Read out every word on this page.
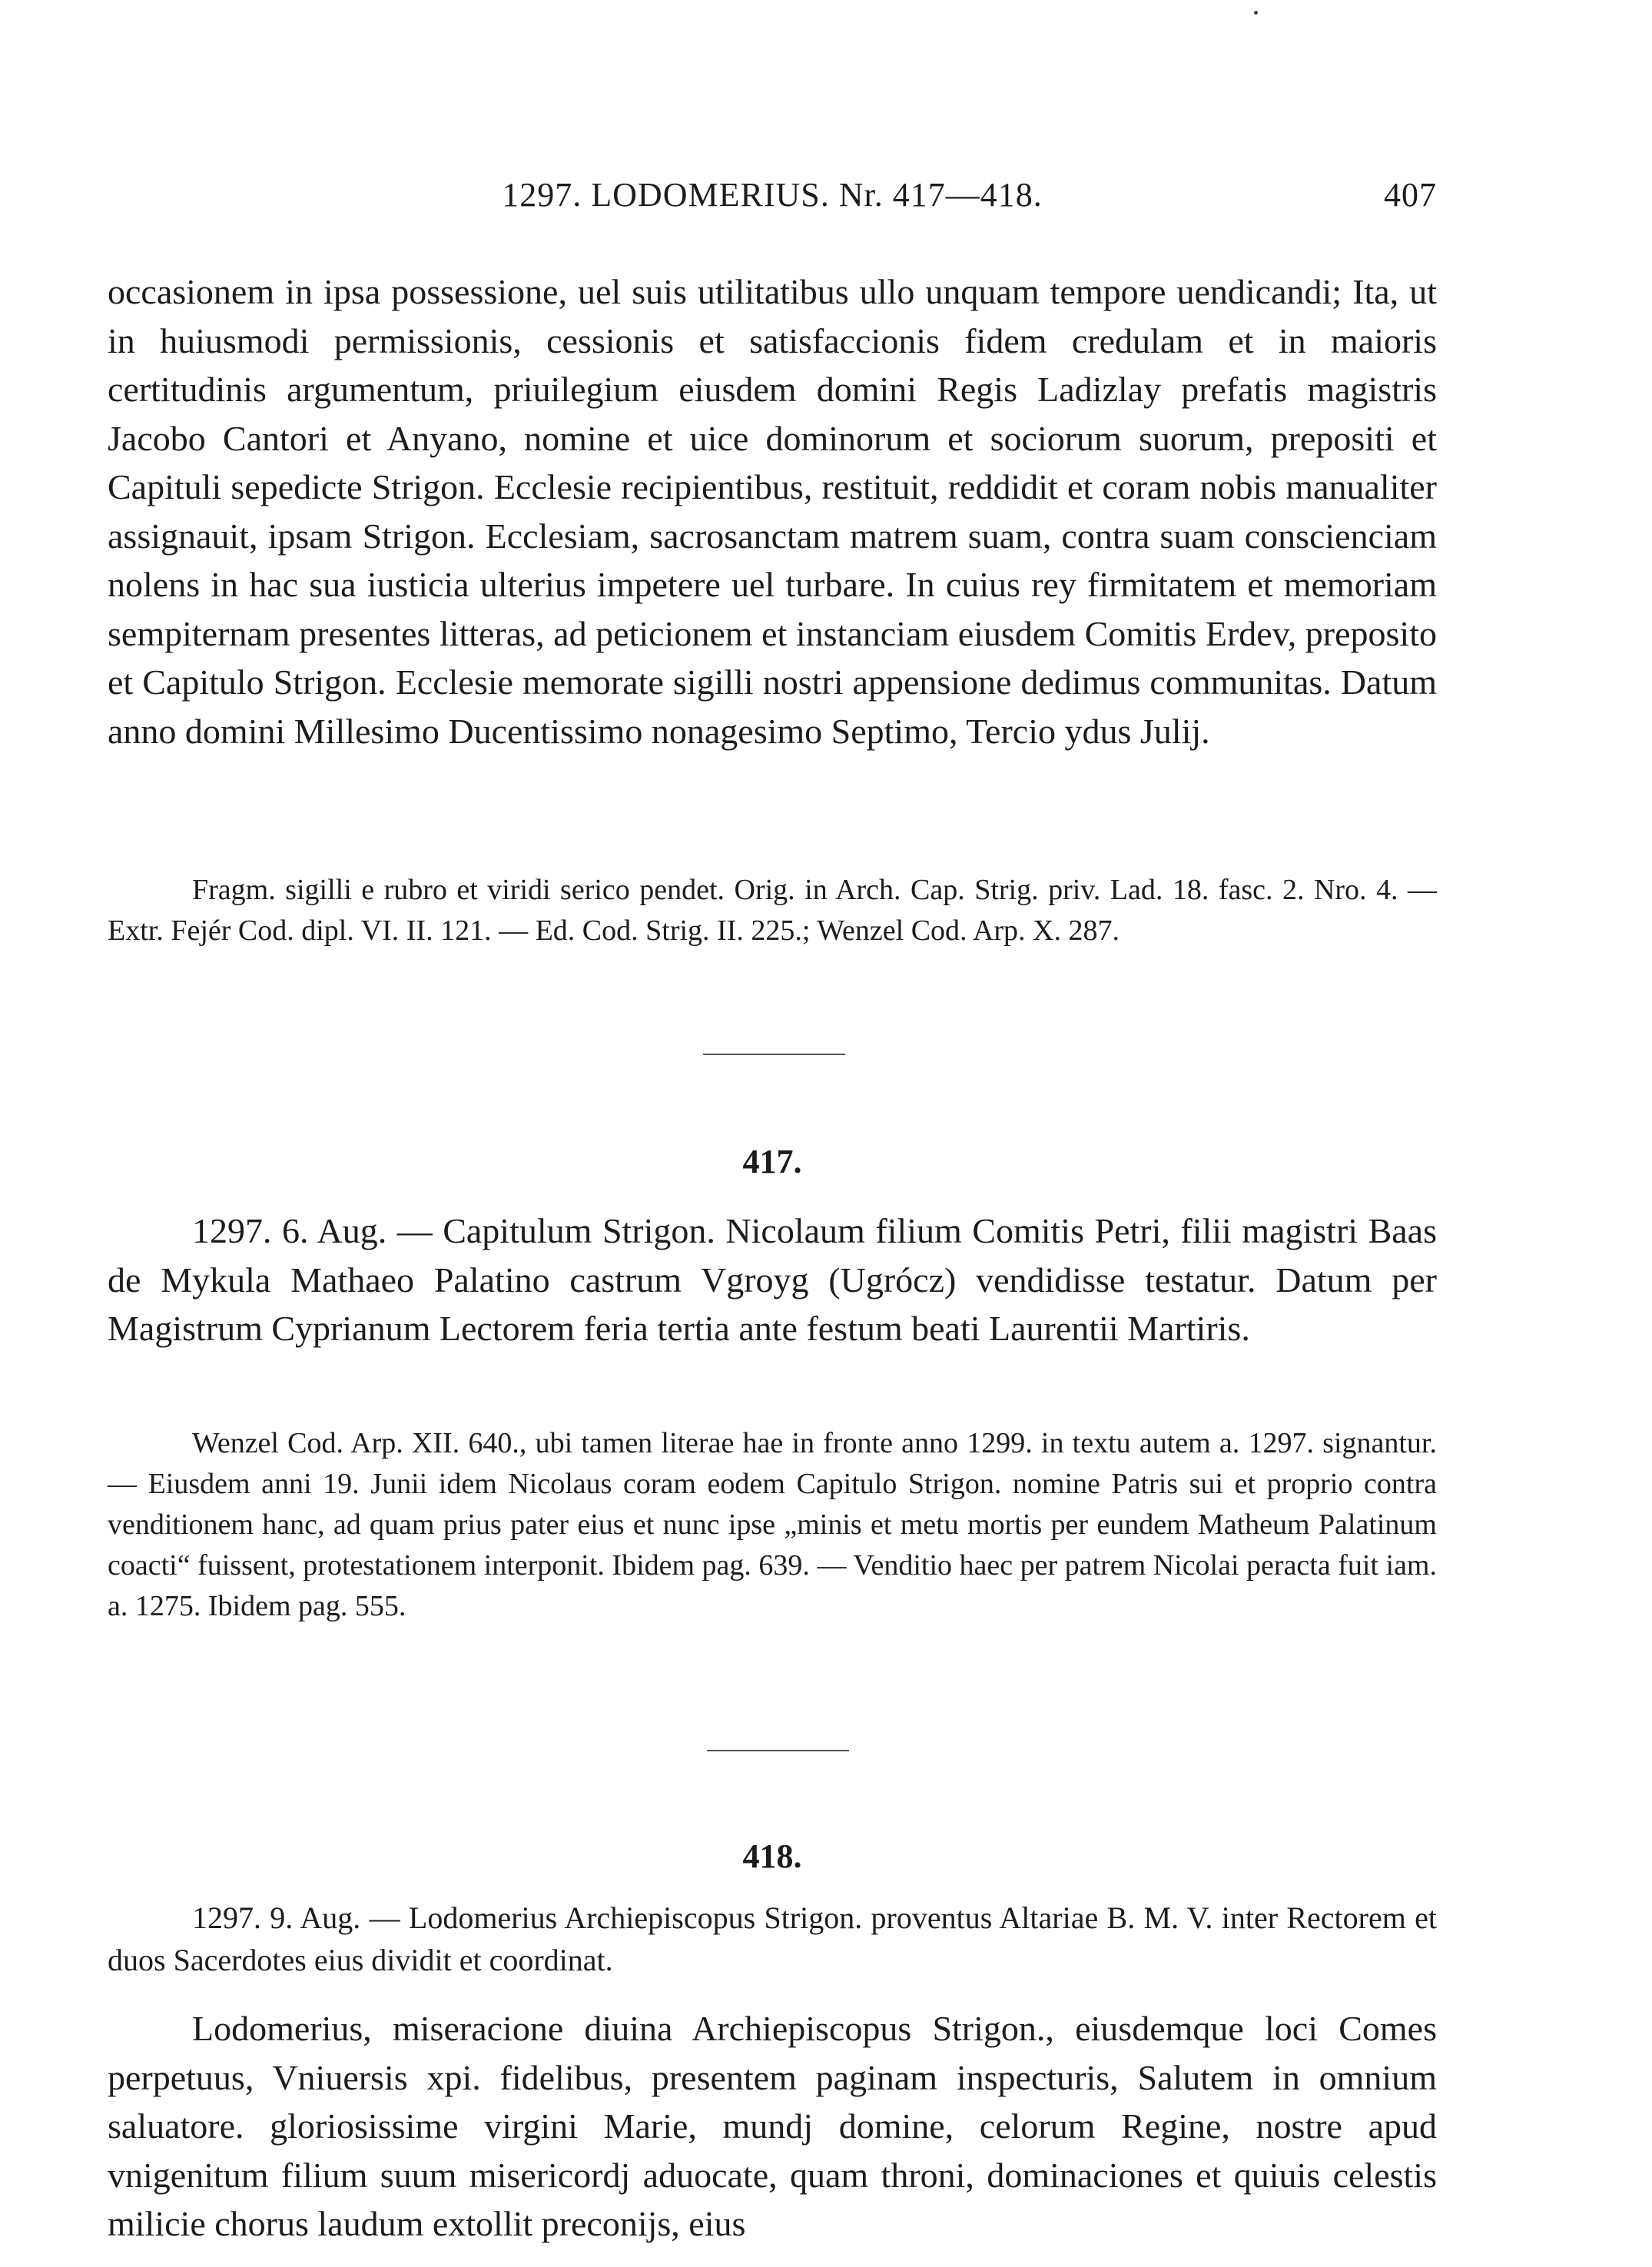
1297. LODOMERIUS. Nr. 417—418.	407

occasionem in ipsa possessione, uel suis utilitatibus ullo unquam tempore uendicandi; Ita, ut in huiusmodi permissionis, cessionis et satisfaccionis fidem credulam et in maioris certitudinis argumentum, priuilegium eiusdem domini Regis Ladizlay prefatis magistris Jacobo Cantori et Anyano, nomine et uice dominorum et sociorum suorum, prepositi et Capituli sepedicte Strigon. Ecclesie recipientibus, restituit, reddidit et coram nobis manualiter assignauit, ipsam Strigon. Ecclesiam, sacrosanctam matrem suam, contra suam conscienciam nolens in hac sua iusticia ulterius impetere uel turbare. In cuius rey firmitatem et memoriam sempiternam presentes litteras, ad peticionem et instanciam eiusdem Comitis Erdev, preposito et Capitulo Strigon. Ecclesie memorate sigilli nostri appensione dedimus communitas. Datum anno domini Millesimo Ducentissimo nonagesimo Septimo, Tercio ydus Julij.

Fragm. sigilli e rubro et viridi serico pendet. Orig. in Arch. Cap. Strig. priv. Lad. 18. fasc. 2. Nro. 4. — Extr. Fejér Cod. dipl. VI. II. 121. — Ed. Cod. Strig. II. 225.; Wenzel Cod. Arp. X. 287.

417.

1297. 6. Aug. — Capitulum Strigon. Nicolaum filium Comitis Petri, filii magistri Baas de Mykula Mathaeo Palatino castrum Vgroyg (Ugrócz) vendidisse testatur. Datum per Magistrum Cyprianum Lectorem feria tertia ante festum beati Laurentii Martiris.

Wenzel Cod. Arp. XII. 640., ubi tamen literae hae in fronte anno 1299. in textu autem a. 1297. signantur. — Eiusdem anni 19. Junii idem Nicolaus coram eodem Capitulo Strigon. nomine Patris sui et proprio contra venditionem hanc, ad quam prius pater eius et nunc ipse „minis et metu mortis per eundem Matheum Palatinum coacti“ fuissent, protestationem interponit. Ibidem pag. 639. — Venditio haec per patrem Nicolai peracta fuit iam. a. 1275. Ibidem pag. 555.

418.

1297. 9. Aug. — Lodomerius Archiepiscopus Strigon. proventus Altariae B. M. V. inter Rectorem et duos Sacerdotes eius dividit et coordinat.

Lodomerius, miseracione diuina Archiepiscopus Strigon., eiusdemque loci Comes perpetuus, Vniuersis xpi. fidelibus, presentem paginam inspecturis, Salutem in omnium saluatore. gloriosissime virgini Marie, mundj domine, celorum Regine, nostre apud vnigenitum filium suum misericordj aduocate, quam throni, dominaciones et quiuis celestis milicie chorus laudum extollit preconijs, eius
